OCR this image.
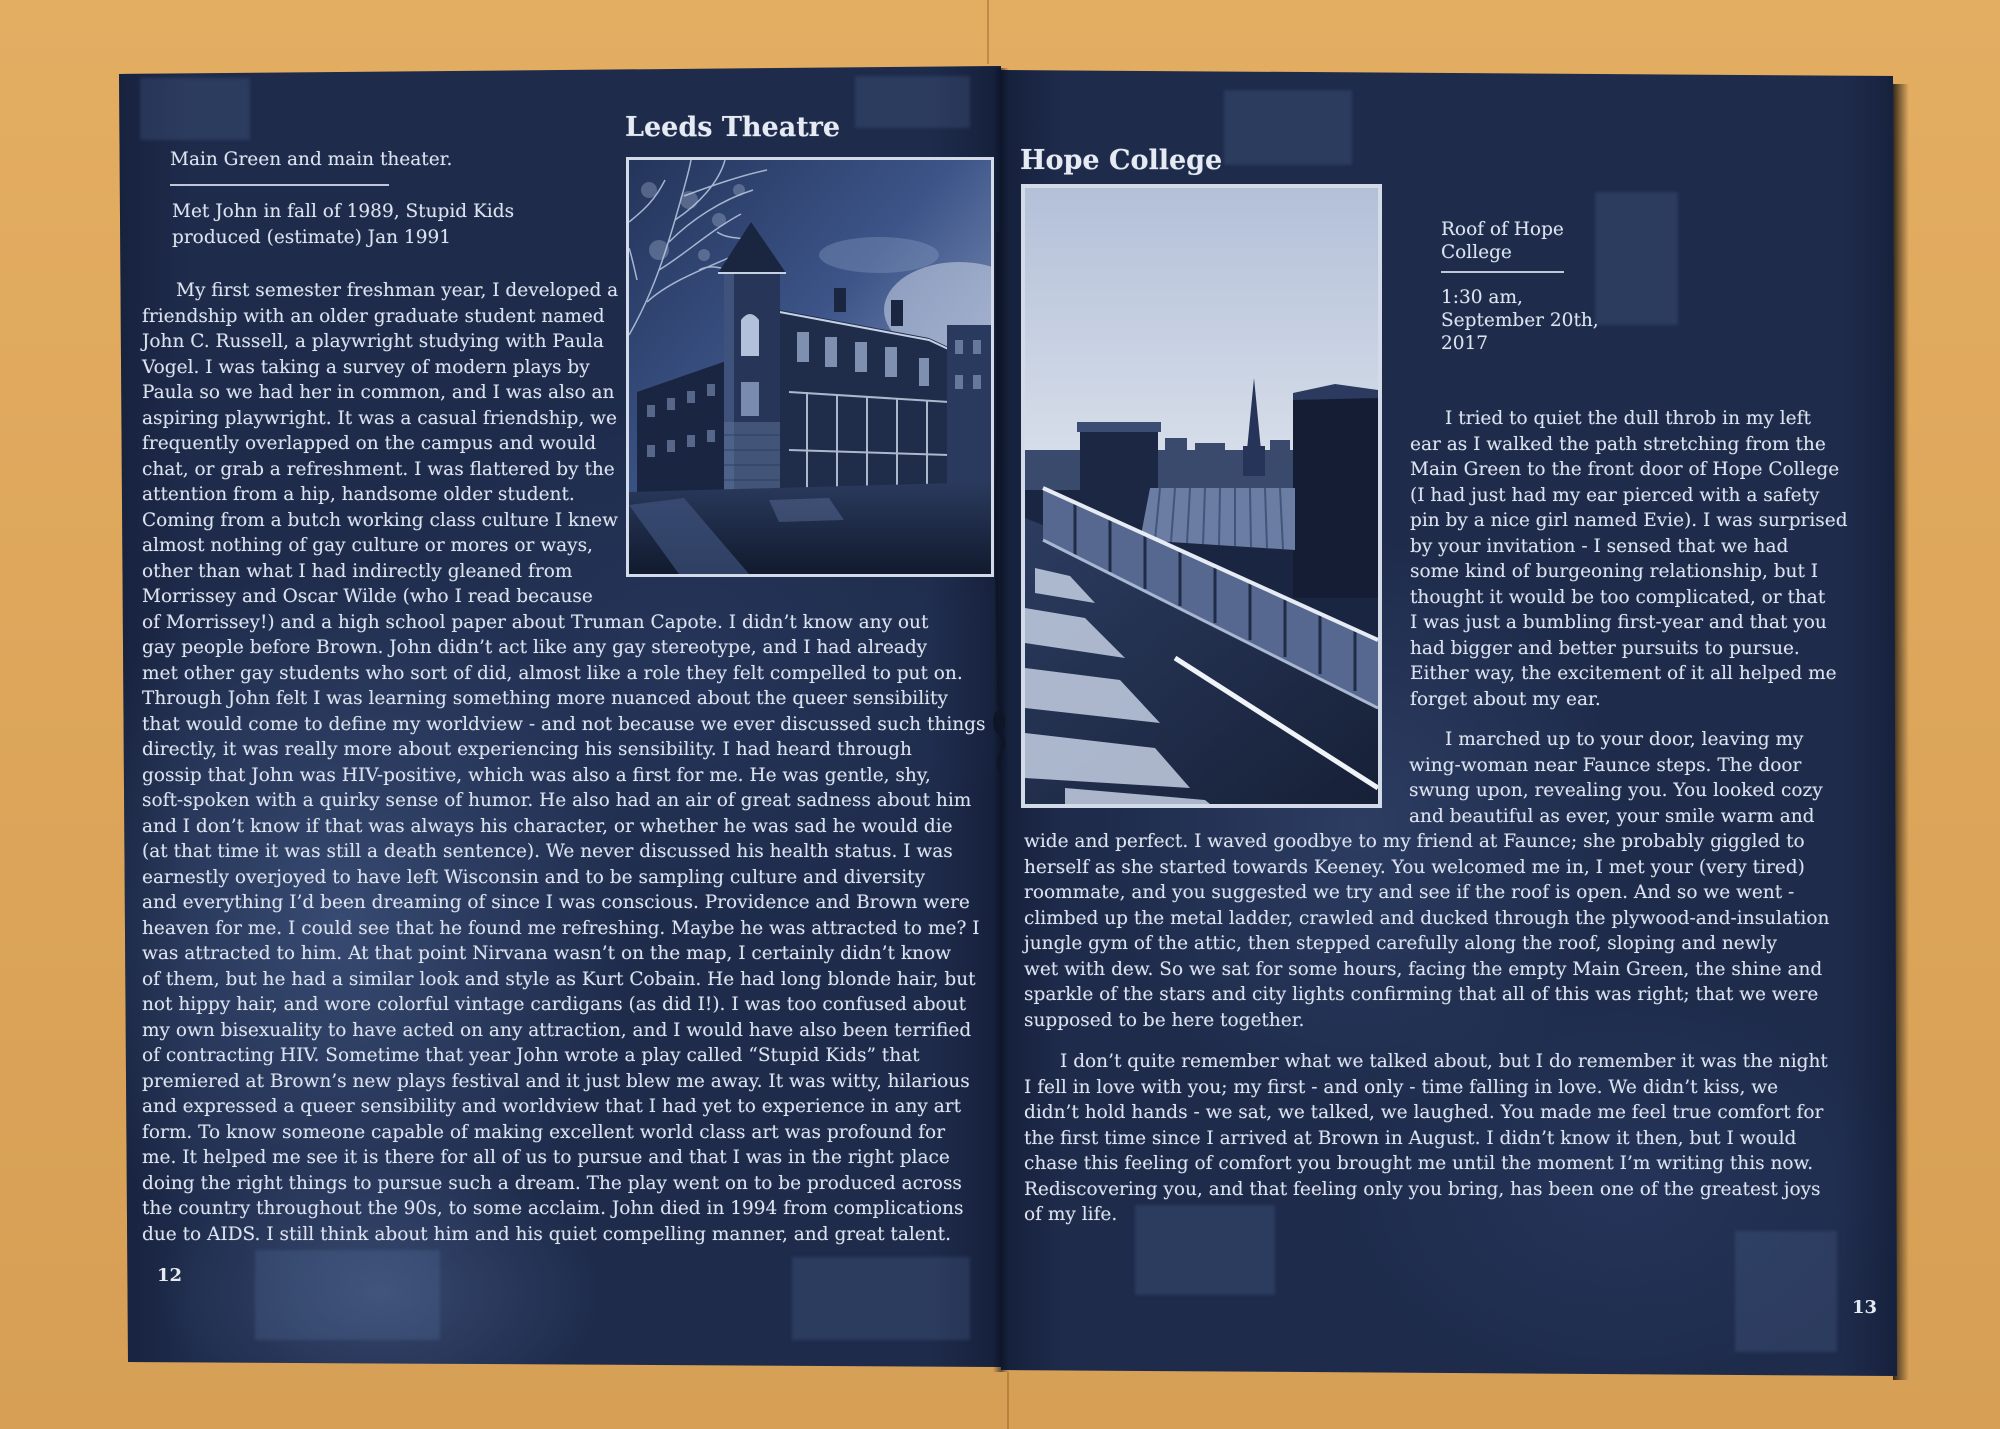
Leeds Theatre
Main Green and main theater.
Met John in fall of 1989, Stupid Kids
produced (estimate) Jan 1991
My first semester freshman year, I developed a
friendship with an older graduate student named
John C. Russell, a playwright studying with Paula
Vogel. I was taking a survey of modern plays by
Paula so we had her in common, and I was also an
aspiring playwright. It was a casual friendship, we
frequently overlapped on the campus and would
chat, or grab a refreshment. I was flattered by the
attention from a hip, handsome older student.
Coming from a butch working class culture I knew
almost nothing of gay culture or mores or ways,
other than what I had indirectly gleaned from
Morrissey and Oscar Wilde (who I read because
of Morrissey!) and a high school paper about Truman Capote. I didn’t know any out
gay people before Brown. John didn’t act like any gay stereotype, and I had already
met other gay students who sort of did, almost like a role they felt compelled to put on.
Through John felt I was learning something more nuanced about the queer sensibility
that would come to define my worldview - and not because we ever discussed such things
directly, it was really more about experiencing his sensibility. I had heard through
gossip that John was HIV-positive, which was also a first for me. He was gentle, shy,
soft-spoken with a quirky sense of humor. He also had an air of great sadness about him
and I don’t know if that was always his character, or whether he was sad he would die
(at that time it was still a death sentence). We never discussed his health status. I was
earnestly overjoyed to have left Wisconsin and to be sampling culture and diversity
and everything I’d been dreaming of since I was conscious. Providence and Brown were
heaven for me. I could see that he found me refreshing. Maybe he was attracted to me? I
was attracted to him. At that point Nirvana wasn’t on the map, I certainly didn’t know
of them, but he had a similar look and style as Kurt Cobain. He had long blonde hair, but
not hippy hair, and wore colorful vintage cardigans (as did I!). I was too confused about
my own bisexuality to have acted on any attraction, and I would have also been terrified
of contracting HIV. Sometime that year John wrote a play called “Stupid Kids” that
premiered at Brown’s new plays festival and it just blew me away. It was witty, hilarious
and expressed a queer sensibility and worldview that I had yet to experience in any art
form. To know someone capable of making excellent world class art was profound for
me. It helped me see it is there for all of us to pursue and that I was in the right place
doing the right things to pursue such a dream. The play went on to be produced across
the country throughout the 90s, to some acclaim. John died in 1994 from complications
due to AIDS. I still think about him and his quiet compelling manner, and great talent.
12
Hope College
Roof of Hope
College
1:30 am,
September 20th,
2017
I tried to quiet the dull throb in my left
ear as I walked the path stretching from the
Main Green to the front door of Hope College
(I had just had my ear pierced with a safety
pin by a nice girl named Evie). I was surprised
by your invitation - I sensed that we had
some kind of burgeoning relationship, but I
thought it would be too complicated, or that
I was just a bumbling first-year and that you
had bigger and better pursuits to pursue.
Either way, the excitement of it all helped me
forget about my ear.
I marched up to your door, leaving my
wing-woman near Faunce steps. The door
swung upon, revealing you. You looked cozy
and beautiful as ever, your smile warm and
wide and perfect. I waved goodbye to my friend at Faunce; she probably giggled to
herself as she started towards Keeney. You welcomed me in, I met your (very tired)
roommate, and you suggested we try and see if the roof is open. And so we went -
climbed up the metal ladder, crawled and ducked through the plywood-and-insulation
jungle gym of the attic, then stepped carefully along the roof, sloping and newly
wet with dew. So we sat for some hours, facing the empty Main Green, the shine and
sparkle of the stars and city lights confirming that all of this was right; that we were
supposed to be here together.
I don’t quite remember what we talked about, but I do remember it was the night
I fell in love with you; my first - and only - time falling in love. We didn’t kiss, we
didn’t hold hands - we sat, we talked, we laughed. You made me feel true comfort for
the first time since I arrived at Brown in August. I didn’t know it then, but I would
chase this feeling of comfort you brought me until the moment I’m writing this now.
Rediscovering you, and that feeling only you bring, has been one of the greatest joys
of my life.
13
